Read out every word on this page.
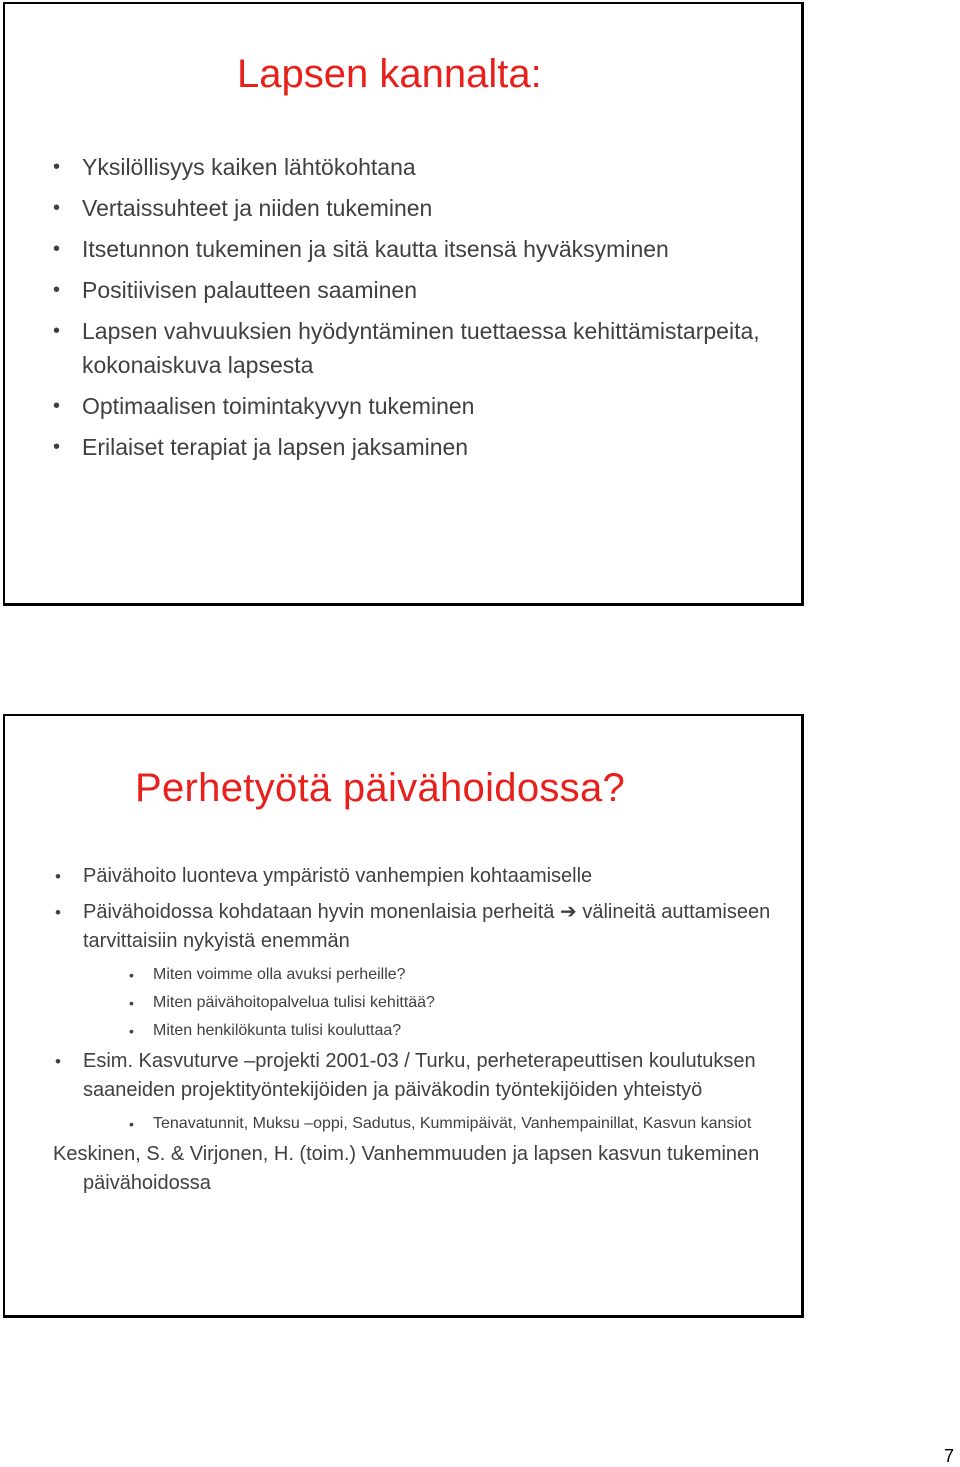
Lapsen kannalta:
• Yksilöllisyys kaiken lähtökohtana
• Vertaissuhteet ja niiden tukeminen
• Itsetunnon tukeminen ja sitä kautta itsensä hyväksyminen
• Positiivisen palautteen saaminen
• Lapsen vahvuuksien hyödyntäminen tuettaessa kehittämistarpeita, kokonaiskuva lapsesta
• Optimaalisen toimintakyvyn tukeminen
• Erilaiset terapiat ja lapsen jaksaminen
Perhetyötä päivähoidossa?
• Päivähoito luonteva ympäristö vanhempien kohtaamiselle
• Päivähoidossa kohdataan hyvin monenlaisia perheitä ➔ välineitä auttamiseen tarvittaisiin nykyistä enemmän
• Miten voimme olla avuksi perheille?
• Miten päivähoitopalvelua tulisi kehittää?
• Miten henkilökunta tulisi kouluttaa?
• Esim. Kasvuturve –projekti 2001-03 / Turku, perheterapeuttisen koulutuksen saaneiden projektityöntekijöiden ja päiväkodin työntekijöiden yhteistyö
• Tenavatunnit, Muksu –oppi, Sadutus, Kummipäivät, Vanhempainillat, Kasvun kansiot
Keskinen, S. & Virjonen, H. (toim.) Vanhemmuuden ja lapsen kasvun tukeminen päivähoidossa
7
